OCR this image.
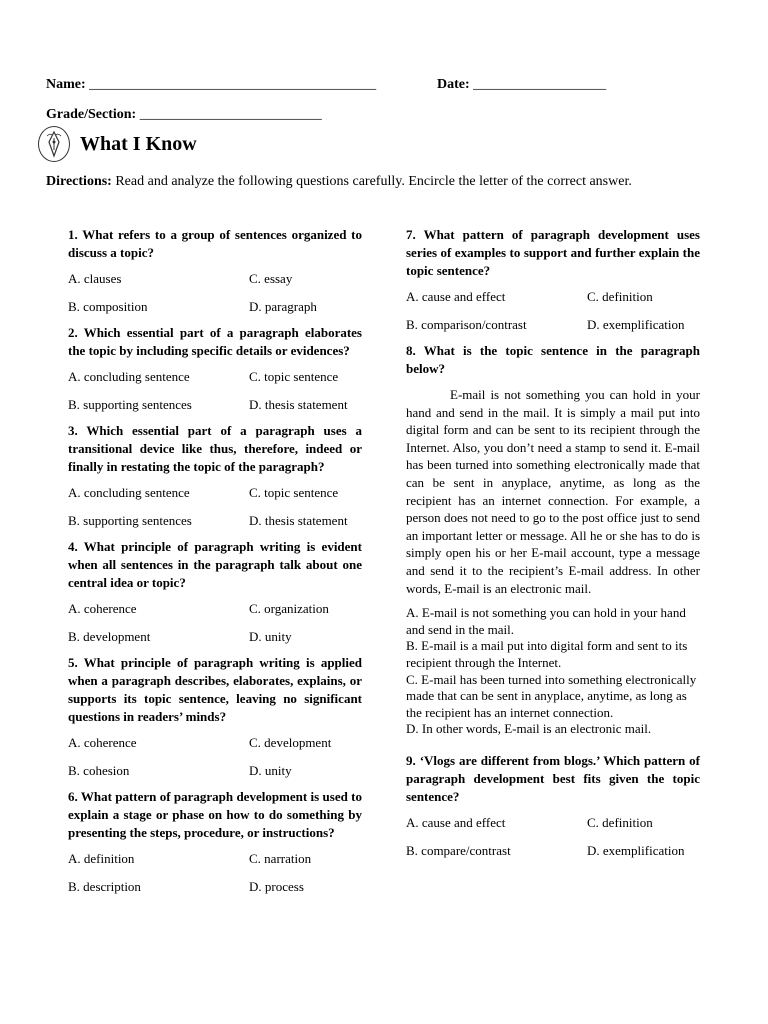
Name: _________________________________________	Date: ___________________
Grade/Section: __________________________
What I Know
Directions: Read and analyze the following questions carefully. Encircle the letter of the correct answer.
1. What refers to a group of sentences organized to discuss a topic?
A. clauses	C. essay
B. composition	D. paragraph
2. Which essential part of a paragraph elaborates the topic by including specific details or evidences?
A. concluding sentence	C. topic sentence
B. supporting sentences	D. thesis statement
3. Which essential part of a paragraph uses a transitional device like thus, therefore, indeed or finally in restating the topic of the paragraph?
A. concluding sentence	C. topic sentence
B. supporting sentences	D. thesis statement
4. What principle of paragraph writing is evident when all sentences in the paragraph talk about one central idea or topic?
A. coherence	C. organization
B. development	D. unity
5. What principle of paragraph writing is applied when a paragraph describes, elaborates, explains, or supports its topic sentence, leaving no significant questions in readers’ minds?
A. coherence	C. development
B. cohesion	D. unity
6. What pattern of paragraph development is used to explain a stage or phase on how to do something by presenting the steps, procedure, or instructions?
A. definition	C. narration
B. description	D. process
7. What pattern of paragraph development uses series of examples to support and further explain the topic sentence?
A. cause and effect	C. definition
B. comparison/contrast	D. exemplification
8. What is the topic sentence in the paragraph below?
E-mail is not something you can hold in your hand and send in the mail. It is simply a mail put into digital form and can be sent to its recipient through the Internet. Also, you don’t need a stamp to send it. E-mail has been turned into something electronically made that can be sent in anyplace, anytime, as long as the recipient has an internet connection. For example, a person does not need to go to the post office just to send an important letter or message. All he or she has to do is simply open his or her E-mail account, type a message and send it to the recipient’s E-mail address. In other words, E-mail is an electronic mail.
A. E-mail is not something you can hold in your hand and send in the mail.
B. E-mail is a mail put into digital form and sent to its recipient through the Internet.
C. E-mail has been turned into something electronically made that can be sent in anyplace, anytime, as long as the recipient has an internet connection.
D. In other words, E-mail is an electronic mail.
9. ‘Vlogs are different from blogs.’ Which pattern of paragraph development best fits given the topic sentence?
A. cause and effect	C. definition
B. compare/contrast	D. exemplification
